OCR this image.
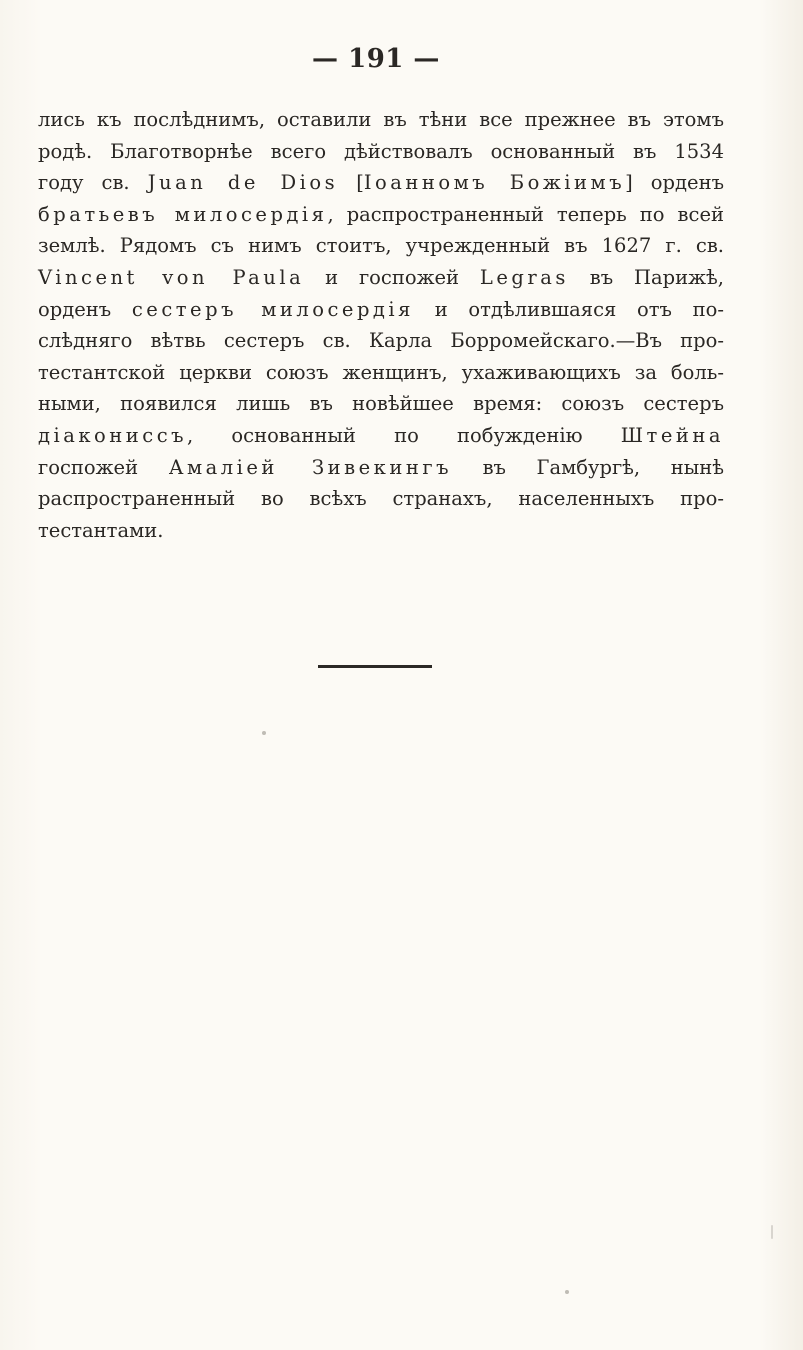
— 191 —
лись къ послѣднимъ, оставили въ тѣни все прежнее въ этомъ
родѣ. Благотворнѣе всего дѣйствовалъ основанный въ 1534
году св. Juan de Dios [Іоанномъ Божіимъ] орденъ
братьевъ милосердія, распространенный теперь по всей
землѣ. Рядомъ съ нимъ стоитъ, учрежденный въ 1627 г. св.
Vincent von Paula и госпожей Legras въ Парижѣ,
орденъ сестеръ милосердія и отдѣлившаяся отъ по-
слѣдняго вѣтвь сестеръ св. Карла Борромейскаго.—Въ про-
тестантской церкви союзъ женщинъ, ухаживающихъ за боль-
ными, появился лишь въ новѣйшее время: союзъ сестеръ
діаконисcъ, основанный по побужденію Штейна
госпожей Амаліей Зивекингъ въ Гамбургѣ, нынѣ
распространенный во всѣхъ странахъ, населенныхъ про-
тестантами.
